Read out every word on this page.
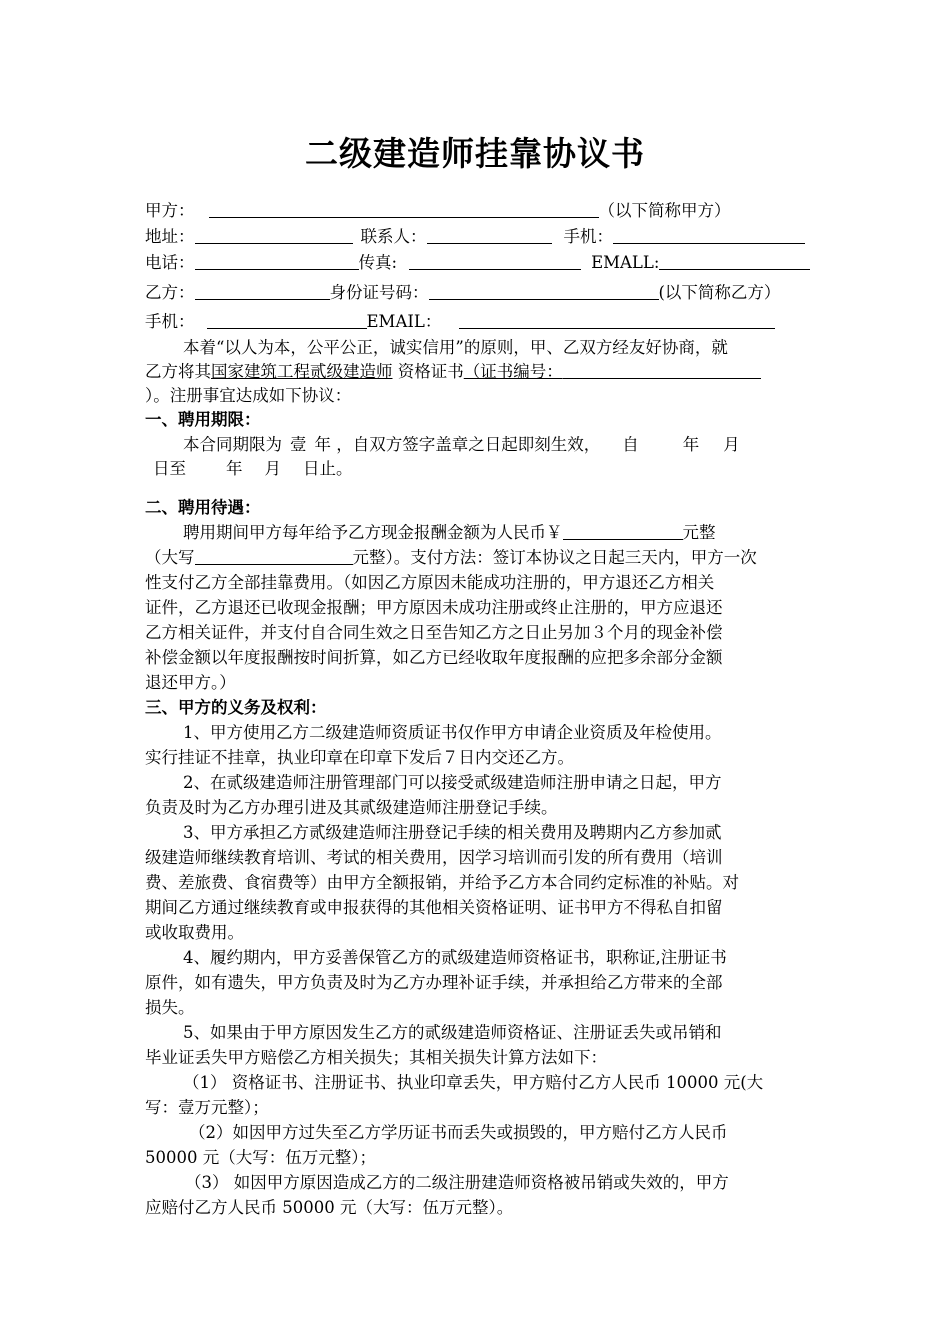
二级建造师挂靠协议书
甲方：	（以下简称甲方）
地址：	联系人：	手机：
电话：	传真:	EMALL:
乙方：	身份证号码：	(以下简称乙方）
手机：	EMAIL：
本着“以人为本，公平公正，诚实信用”的原则，甲、乙双方经友好协商，就
乙方将其国家建筑工程贰级建造师 资格证书（证书编号：
）。注册事宜达成如下协议：
一、聘用期限：
本合同期限为 壹 年 ，自双方签字盖章之日起即刻生效， 自	年 月
日至 年 月 日止。
二、聘用待遇：
聘用期间甲方每年给予乙方现金报酬金额为人民币￥	元整
（大写	元整）。支付方法：签订本协议之日起三天内，甲方一次
性支付乙方全部挂靠费用。（如因乙方原因未能成功注册的，甲方退还乙方相关
证件，乙方退还已收现金报酬；甲方原因未成功注册或终止注册的，甲方应退还
乙方相关证件，并支付自合同生效之日至告知乙方之日止另加３个月的现金补偿
补偿金额以年度报酬按时间折算，如乙方已经收取年度报酬的应把多余部分金额
退还甲方。）
三、甲方的义务及权利：
1、甲方使用乙方二级建造师资质证书仅作甲方申请企业资质及年检使用。
实行挂证不挂章，执业印章在印章下发后７日内交还乙方。
2、在贰级建造师注册管理部门可以接受贰级建造师注册申请之日起，甲方
负责及时为乙方办理引进及其贰级建造师注册登记手续。
3、甲方承担乙方贰级建造师注册登记手续的相关费用及聘期内乙方参加贰
级建造师继续教育培训、考试的相关费用，因学习培训而引发的所有费用（培训
费、差旅费、食宿费等）由甲方全额报销，并给予乙方本合同约定标准的补贴。对
期间乙方通过继续教育或申报获得的其他相关资格证明、证书甲方不得私自扣留
或收取费用。
4、履约期内，甲方妥善保管乙方的贰级建造师资格证书，职称证,注册证书
原件，如有遗失，甲方负责及时为乙方办理补证手续，并承担给乙方带来的全部
损失。
5、如果由于甲方原因发生乙方的贰级建造师资格证、注册证丢失或吊销和
毕业证丢失甲方赔偿乙方相关损失；其相关损失计算方法如下：
（1） 资格证书、注册证书、执业印章丢失，甲方赔付乙方人民币 10000 元(大
写：壹万元整）；
（2）如因甲方过失至乙方学历证书而丢失或损毁的，甲方赔付乙方人民币
50000 元（大写：伍万元整）；
（3） 如因甲方原因造成乙方的二级注册建造师资格被吊销或失效的，甲方
应赔付乙方人民币 50000 元（大写：伍万元整）。
